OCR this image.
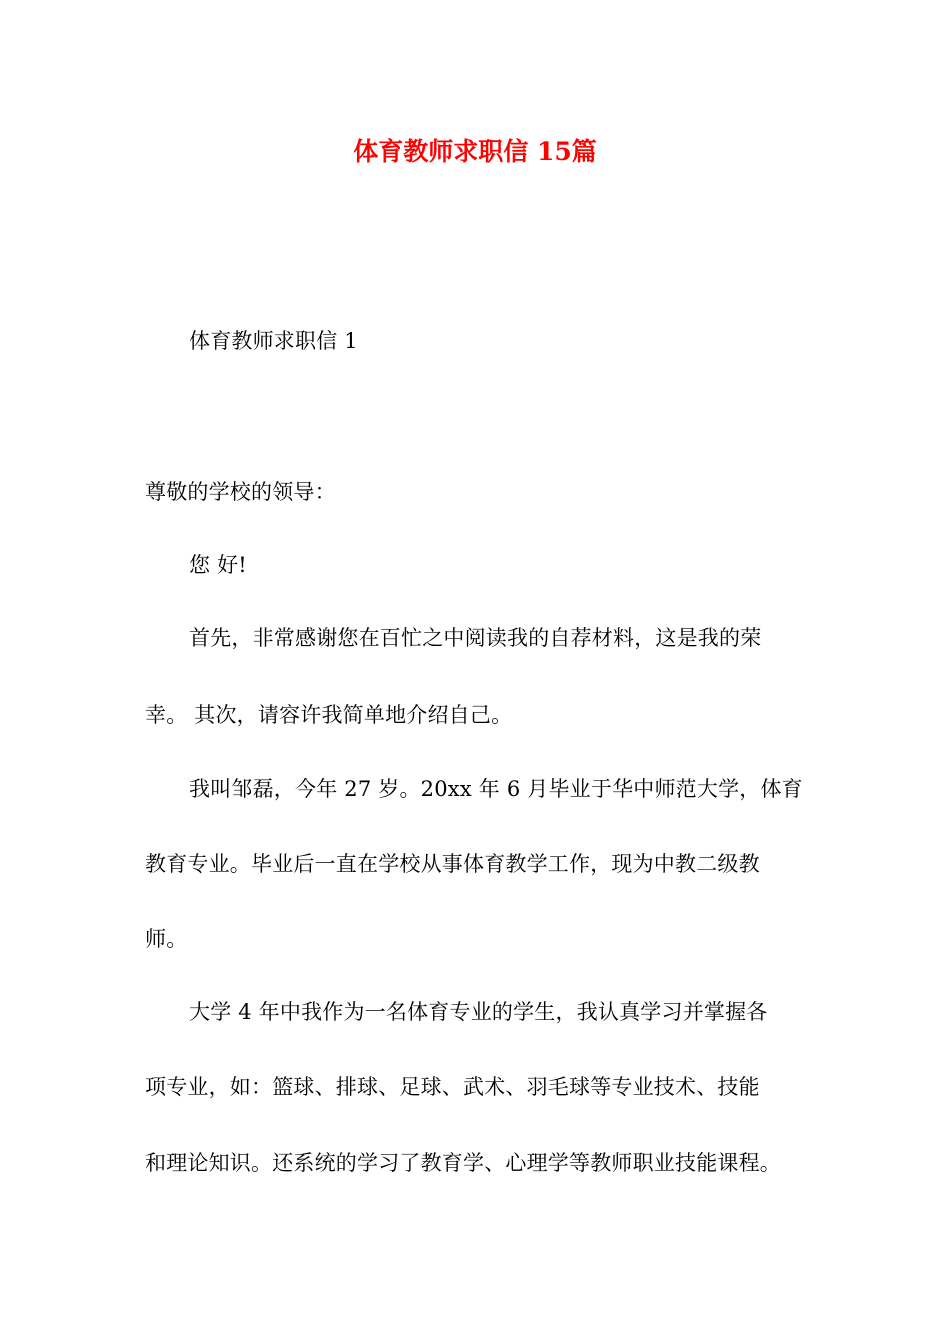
体育教师求职信 15篇
体育教师求职信 1
尊敬的学校的领导：
您 好!
首先，非常感谢您在百忙之中阅读我的自荐材料，这是我的荣
幸。 其次，请容许我简单地介绍自己。
我叫邹磊，今年 27 岁。20xx 年 6 月毕业于华中师范大学，体育
教育专业。毕业后一直在学校从事体育教学工作，现为中教二级教
师。
大学 4 年中我作为一名体育专业的学生，我认真学习并掌握各
项专业，如：篮球、排球、足球、武术、羽毛球等专业技术、技能
和理论知识。还系统的学习了教育学、心理学等教师职业技能课程。
